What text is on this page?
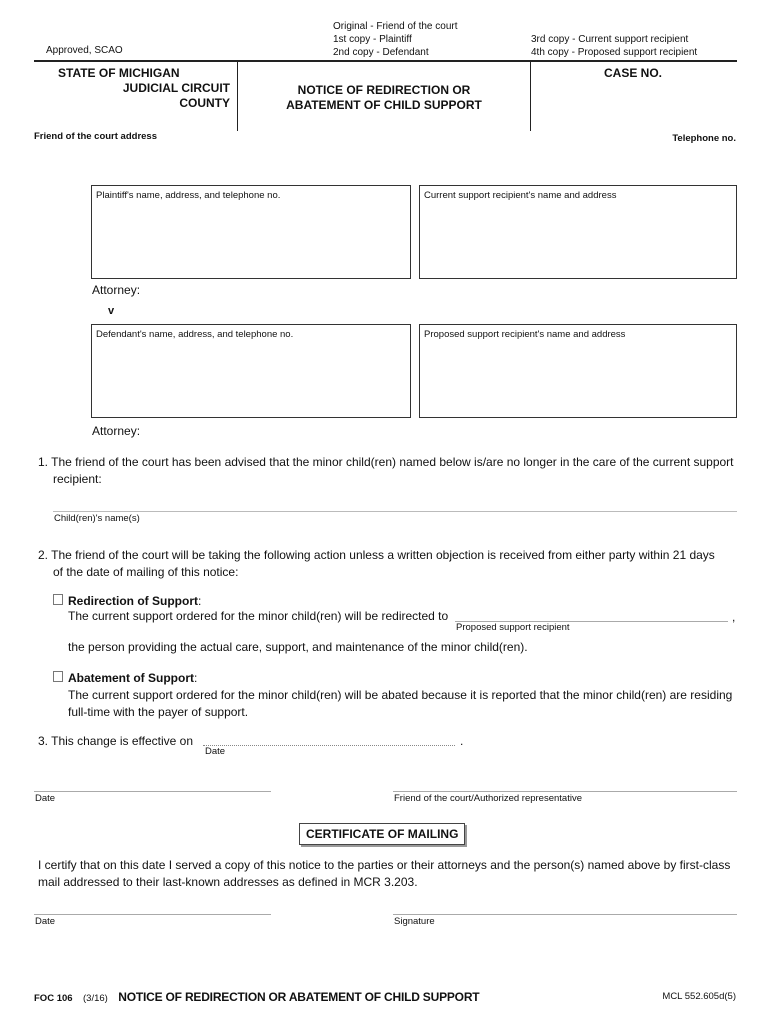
Approved, SCAO
Original - Friend of the court
1st copy - Plaintiff
2nd copy - Defendant
3rd copy - Current support recipient
4th copy - Proposed support recipient
STATE OF MICHIGAN
JUDICIAL CIRCUIT
COUNTY
NOTICE OF REDIRECTION OR
ABATEMENT OF CHILD SUPPORT
CASE NO.
Friend of the court address	Telephone no.
Plaintiff's name, address, and telephone no.	Current support recipient's name and address
Attorney:
v
Defendant's name, address, and telephone no.	Proposed support recipient's name and address
Attorney:
1. The friend of the court has been advised that the minor child(ren) named below is/are no longer in the care of the current support
recipient:
Child(ren)'s name(s)
2. The friend of the court will be taking the following action unless a written objection is received from either party within 21 days
of the date of mailing of this notice:
Redirection of Support:
The current support ordered for the minor child(ren) will be redirected to	,
Proposed support recipient
the person providing the actual care, support, and maintenance of the minor child(ren).
Abatement of Support:
The current support ordered for the minor child(ren) will be abated because it is reported that the minor child(ren) are residing
full-time with the payer of support.
3. This change is effective on	.
Date
Date	Friend of the court/Authorized representative
CERTIFICATE OF MAILING
I certify that on this date I served a copy of this notice to the parties or their attorneys and the person(s) named above by first-class
mail addressed to their last-known addresses as defined in MCR 3.203.
Date	Signature
FOC 106 (3/16) NOTICE OF REDIRECTION OR ABATEMENT OF CHILD SUPPORT	MCL 552.605d(5)
